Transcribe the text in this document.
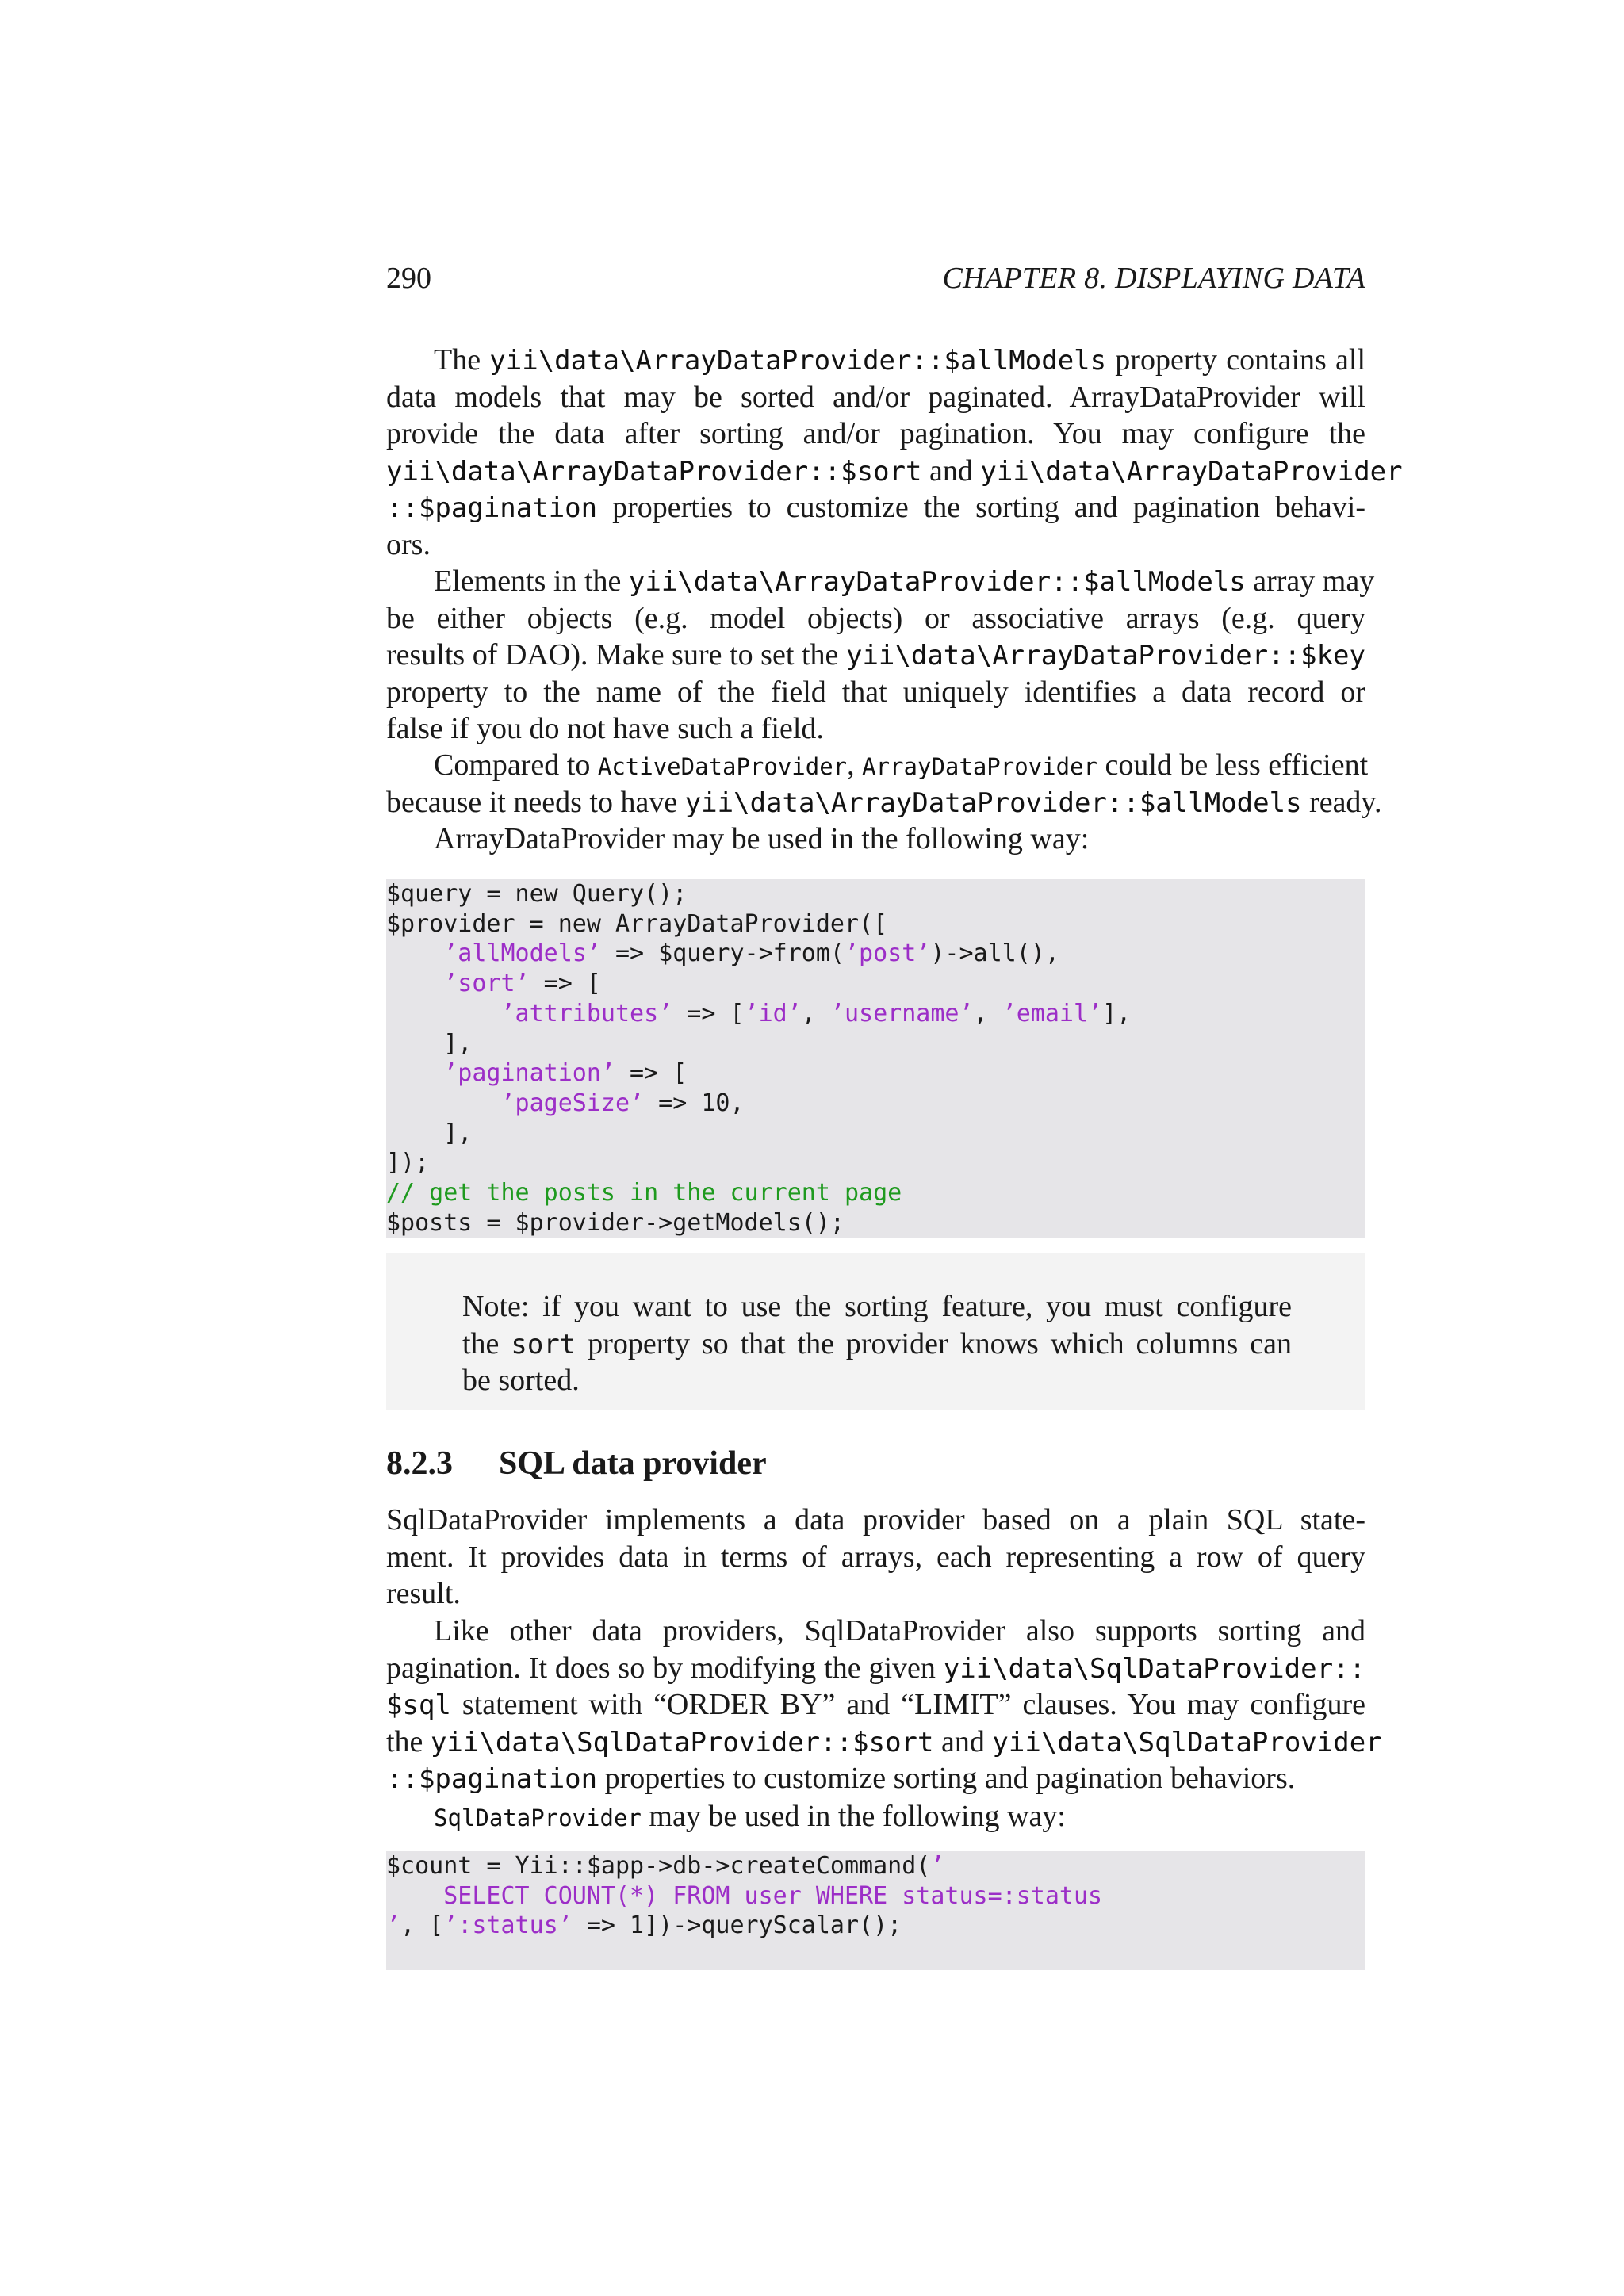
290	CHAPTER 8. DISPLAYING DATA
The yii\data\ArrayDataProvider::$allModels property contains all
data models that may be sorted and/or paginated. ArrayDataProvider will
provide the data after sorting and/or pagination. You may configure the
yii\data\ArrayDataProvider::$sort and yii\data\ArrayDataProvider
::$pagination properties to customize the sorting and pagination behavi-
ors.
Elements in the yii\data\ArrayDataProvider::$allModels array may
be either objects (e.g. model objects) or associative arrays (e.g. query
results of DAO). Make sure to set the yii\data\ArrayDataProvider::$key
property to the name of the field that uniquely identifies a data record or
false if you do not have such a field.
Compared to ActiveDataProvider, ArrayDataProvider could be less efficient
because it needs to have yii\data\ArrayDataProvider::$allModels ready.
ArrayDataProvider may be used in the following way:
$query = new Query();
$provider = new ArrayDataProvider([
’allModels’ => $query->from(’post’)->all(),
’sort’ => [
’attributes’ => [’id’, ’username’, ’email’],
],
’pagination’ => [
’pageSize’ => 10,
],
]);
// get the posts in the current page
$posts = $provider->getModels();
Note: if you want to use the sorting feature, you must configure
the sort property so that the provider knows which columns can
be sorted.
8.2.3 SQL data provider
SqlDataProvider implements a data provider based on a plain SQL state-
ment. It provides data in terms of arrays, each representing a row of query
result.
Like other data providers, SqlDataProvider also supports sorting and
pagination. It does so by modifying the given yii\data\SqlDataProvider::
$sql statement with “ORDER BY” and “LIMIT” clauses. You may configure
the yii\data\SqlDataProvider::$sort and yii\data\SqlDataProvider
::$pagination properties to customize sorting and pagination behaviors.
SqlDataProvider may be used in the following way:
$count = Yii::$app->db->createCommand(’
SELECT COUNT(*) FROM user WHERE status=:status
’, [’:status’ => 1])->queryScalar();
